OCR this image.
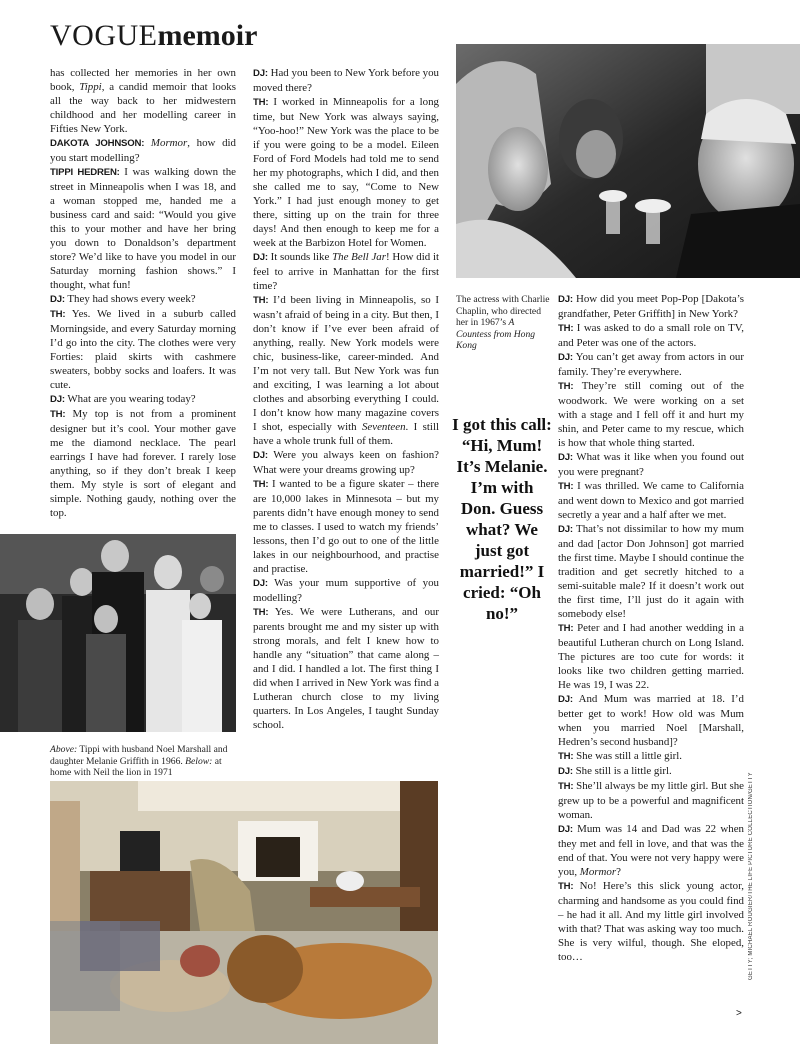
VOGUEmemoir

has collected her memories in her own book, Tippi, a candid memoir that looks all the way back to her midwestern childhood and her modelling career in Fifties New York.

DAKOTA JOHNSON: Mormor, how did you start modelling?

TIPPI HEDREN: I was walking down the street in Minneapolis when I was 18, and a woman stopped me, handed me a business card and said: “Would you give this to your mother and have her bring you down to Donaldson’s department store? We’d like to have you model in our Saturday morning fashion shows.” I thought, what fun!

DJ: They had shows every week?

TH: Yes. We lived in a suburb called Morningside, and every Saturday morning I’d go into the city. The clothes were very Forties: plaid skirts with cashmere sweaters, bobby socks and loafers. It was cute.

DJ: What are you wearing today?

TH: My top is not from a prominent designer but it’s cool. Your mother gave me the diamond necklace. The pearl earrings I have had forever. I rarely lose anything, so if they don’t break I keep them. My style is sort of elegant and simple. Nothing gaudy, nothing over the top.

DJ: Had you been to New York before you moved there?

TH: I worked in Minneapolis for a long time, but New York was always saying, “Yoo-hoo!” New York was the place to be if you were going to be a model. Eileen Ford of Ford Models had told me to send her my photographs, which I did, and then she called me to say, “Come to New York.” I had just enough money to get there, sitting up on the train for three days! And then enough to keep me for a week at the Barbizon Hotel for Women.

DJ: It sounds like The Bell Jar! How did it feel to arrive in Manhattan for the first time?

TH: I’d been living in Minneapolis, so I wasn’t afraid of being in a city. But then, I don’t know if I’ve ever been afraid of anything, really. New York models were chic, business-like, career-minded. And I’m not very tall. But New York was fun and exciting, I was learning a lot about clothes and absorbing everything I could. I don’t know how many magazine covers I shot, especially with Seventeen. I still have a whole trunk full of them.

DJ: Were you always keen on fashion? What were your dreams growing up?

TH: I wanted to be a figure skater – there are 10,000 lakes in Minnesota – but my parents didn’t have enough money to send me to classes. I used to watch my friends’ lessons, then I’d go out to one of the little lakes in our neighbourhood, and practise and practise.

DJ: Was your mum supportive of you modelling?

TH: Yes. We were Lutherans, and our parents brought me and my sister up with strong morals, and felt I knew how to handle any “situation” that came along – and I did. I handled a lot. The first thing I did when I arrived in New York was find a Lutheran church close to my living quarters. In Los Angeles, I taught Sunday school.

DJ: How did you meet Pop-Pop [Dakota’s grandfather, Peter Griffith] in New York?

TH: I was asked to do a small role on TV, and Peter was one of the actors.

DJ: You can’t get away from actors in our family. They’re everywhere.

TH: They’re still coming out of the woodwork. We were working on a set with a stage and I fell off it and hurt my shin, and Peter came to my rescue, which is how that whole thing started.

DJ: What was it like when you found out you were pregnant?

TH: I was thrilled. We came to California and went down to Mexico and got married secretly a year and a half after we met.

DJ: That’s not dissimilar to how my mum and dad [actor Don Johnson] got married the first time. Maybe I should continue the tradition and get secretly hitched to a semi-suitable male? If it doesn’t work out the first time, I’ll just do it again with somebody else!

TH: Peter and I had another wedding in a beautiful Lutheran church on Long Island. The pictures are too cute for words: it looks like two children getting married. He was 19, I was 22.

DJ: And Mum was married at 18. I’d better get to work! How old was Mum when you married Noel [Marshall, Hedren’s second husband]?

TH: She was still a little girl.

DJ: She still is a little girl.

TH: She’ll always be my little girl. But she grew up to be a powerful and magnificent woman.

DJ: Mum was 14 and Dad was 22 when they met and fell in love, and that was the end of that. You were not very happy were you, Mormor?

TH: No! Here’s this slick young actor, charming and handsome as you could find – he had it all. And my little girl involved with that? That was asking way too much. She is very wilful, though. She eloped, too…

The actress with Charlie Chaplin, who directed her in 1967’s A Countess from Hong Kong
I got this call: “Hi, Mum! It’s Melanie. I’m with Don. Guess what? We just got married!” I cried: “Oh no!”
Above: Tippi with husband Noel Marshall and daughter Melanie Griffith in 1966. Below: at home with Neil the lion in 1971	GETTY; MICHAEL ROUGIER/THE LIFE PICTURE COLLECTION/GETTY
>
